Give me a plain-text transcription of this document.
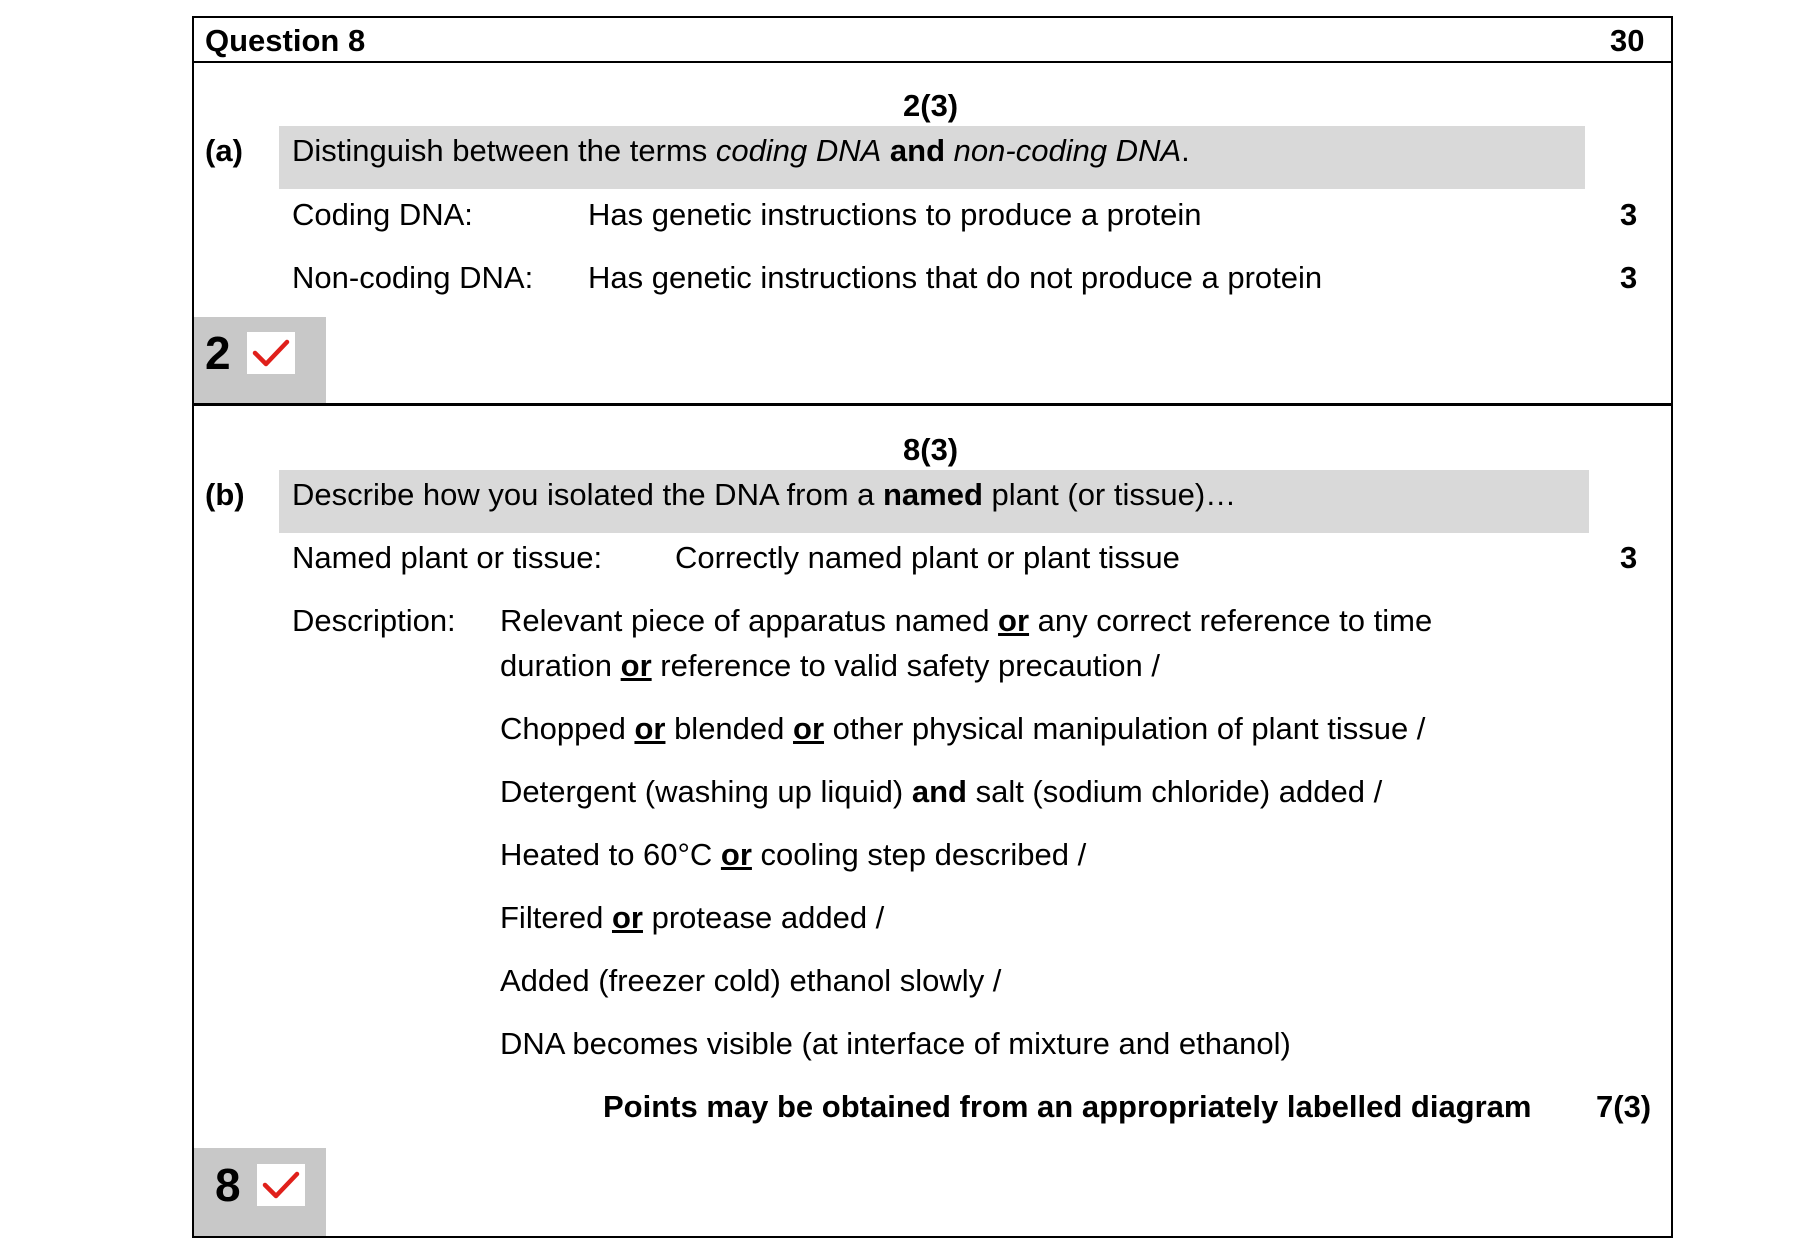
Question 8	30
2(3)
(a) Distinguish between the terms coding DNA and non-coding DNA.
Coding DNA:	Has genetic instructions to produce a protein	3
Non-coding DNA: Has genetic instructions that do not produce a protein	3
2
8(3)
(b) Describe how you isolated the DNA from a named plant (or tissue)…
Named plant or tissue: Correctly named plant or plant tissue	3
Description: Relevant piece of apparatus named or any correct reference to time
duration or reference to valid safety precaution /
Chopped or blended or other physical manipulation of plant tissue /
Detergent (washing up liquid) and salt (sodium chloride) added /
Heated to 60°C or cooling step described /
Filtered or protease added /
Added (freezer cold) ethanol slowly /
DNA becomes visible (at interface of mixture and ethanol)
Points may be obtained from an appropriately labelled diagram 7(3)
8
